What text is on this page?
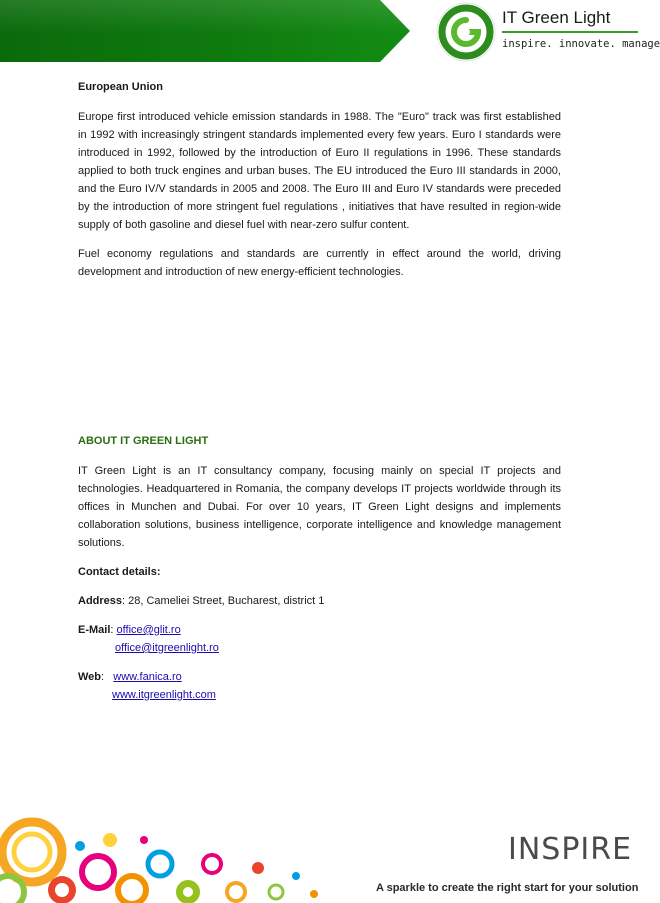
IT Green Light
inspire. innovate. manage
European Union

Europe first introduced vehicle emission standards in 1988. The "Euro" track was first established in 1992 with increasingly stringent standards implemented every few years. Euro I standards were introduced in 1992, followed by the introduction of Euro II regulations in 1996. These standards applied to both truck engines and urban buses. The EU introduced the Euro III standards in 2000, and the Euro IV/V standards in 2005 and 2008. The Euro III and Euro IV standards were preceded by the introduction of more stringent fuel regulations , initiatives that have resulted in region-wide supply of both gasoline and diesel fuel with near-zero sulfur content.

Fuel economy regulations and standards are currently in effect around the world, driving development and introduction of new energy-efficient technologies.

ABOUT IT GREEN LIGHT

IT Green Light is an IT consultancy company, focusing mainly on special IT projects and technologies. Headquartered in Romania, the company develops IT projects worldwide through its offices in Munchen and Dubai. For over 10 years, IT Green Light designs and implements collaboration solutions, business intelligence, corporate intelligence and knowledge management solutions.

Contact details:
Address: 28, Cameliei Street, Bucharest, district 1
E-Mail: office@glit.ro
office@itgreenlight.ro
Web:   www.fanica.ro
www.itgreenlight.com
INSPIRE
A sparkle to create the right start for your solution
